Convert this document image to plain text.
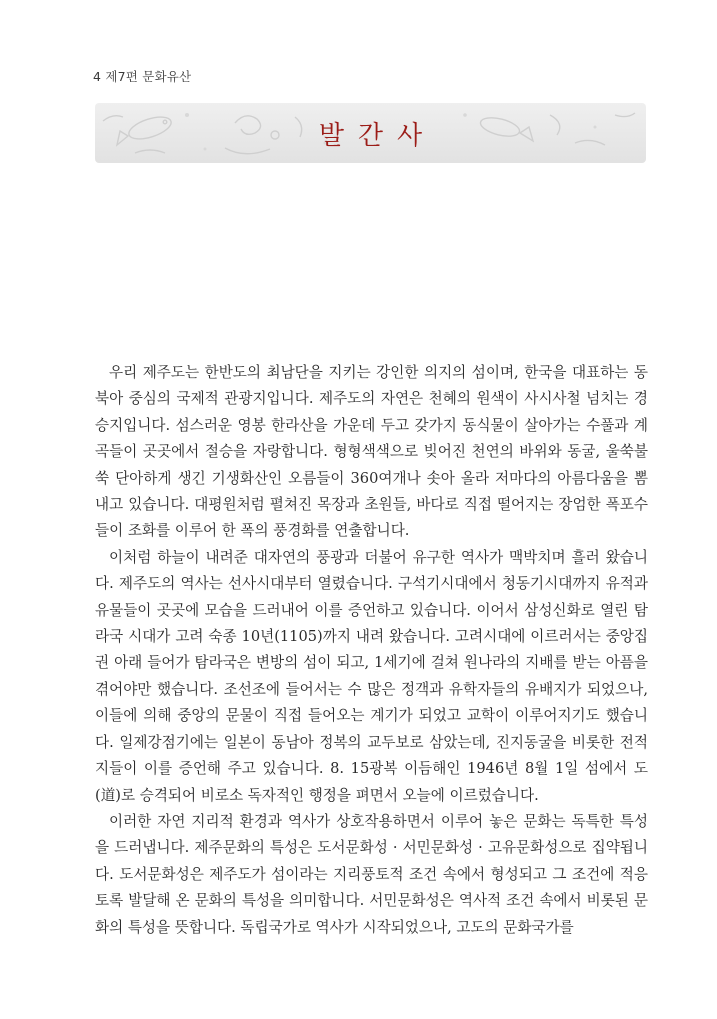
4 제7편 문화유산
발간사

우리 제주도는 한반도의 최남단을 지키는 강인한 의지의 섬이며, 한국을 대표하는 동북아 중심의 국제적 관광지입니다. 제주도의 자연은 천혜의 원색이 사시사철 넘치는 경승지입니다. 섬스러운 영봉 한라산을 가운데 두고 갖가지 동식물이 살아가는 수풀과 계곡들이 곳곳에서 절승을 자랑합니다. 형형색색으로 빚어진 천연의 바위와 동굴, 울쑥불쑥 단아하게 생긴 기생화산인 오름들이 360여개나 솟아 올라 저마다의 아름다움을 뽐내고 있습니다. 대평원처럼 펼쳐진 목장과 초원들, 바다로 직접 떨어지는 장엄한 폭포수들이 조화를 이루어 한 폭의 풍경화를 연출합니다.

이처럼 하늘이 내려준 대자연의 풍광과 더불어 유구한 역사가 맥박치며 흘러 왔습니다. 제주도의 역사는 선사시대부터 열렸습니다. 구석기시대에서 청동기시대까지 유적과 유물들이 곳곳에 모습을 드러내어 이를 증언하고 있습니다. 이어서 삼성신화로 열린 탐라국 시대가 고려 숙종 10년(1105)까지 내려 왔습니다. 고려시대에 이르러서는 중앙집권 아래 들어가 탐라국은 변방의 섬이 되고, 1세기에 걸쳐 원나라의 지배를 받는 아픔을 겪어야만 했습니다. 조선조에 들어서는 수 많은 정객과 유학자들의 유배지가 되었으나, 이들에 의해 중앙의 문물이 직접 들어오는 계기가 되었고 교학이 이루어지기도 했습니다. 일제강점기에는 일본이 동남아 정복의 교두보로 삼았는데, 진지동굴을 비롯한 전적지들이 이를 증언해 주고 있습니다. 8. 15광복 이듬해인 1946년 8월 1일 섬에서 도(道)로 승격되어 비로소 독자적인 행정을 펴면서 오늘에 이르렀습니다.

이러한 자연 지리적 환경과 역사가 상호작용하면서 이루어 놓은 문화는 독특한 특성을 드러냅니다. 제주문화의 특성은 도서문화성 · 서민문화성 · 고유문화성으로 집약됩니다. 도서문화성은 제주도가 섬이라는 지리풍토적 조건 속에서 형성되고 그 조건에 적응토록 발달해 온 문화의 특성을 의미합니다. 서민문화성은 역사적 조건 속에서 비롯된 문화의 특성을 뜻합니다. 독립국가로 역사가 시작되었으나, 고도의 문화국가를
